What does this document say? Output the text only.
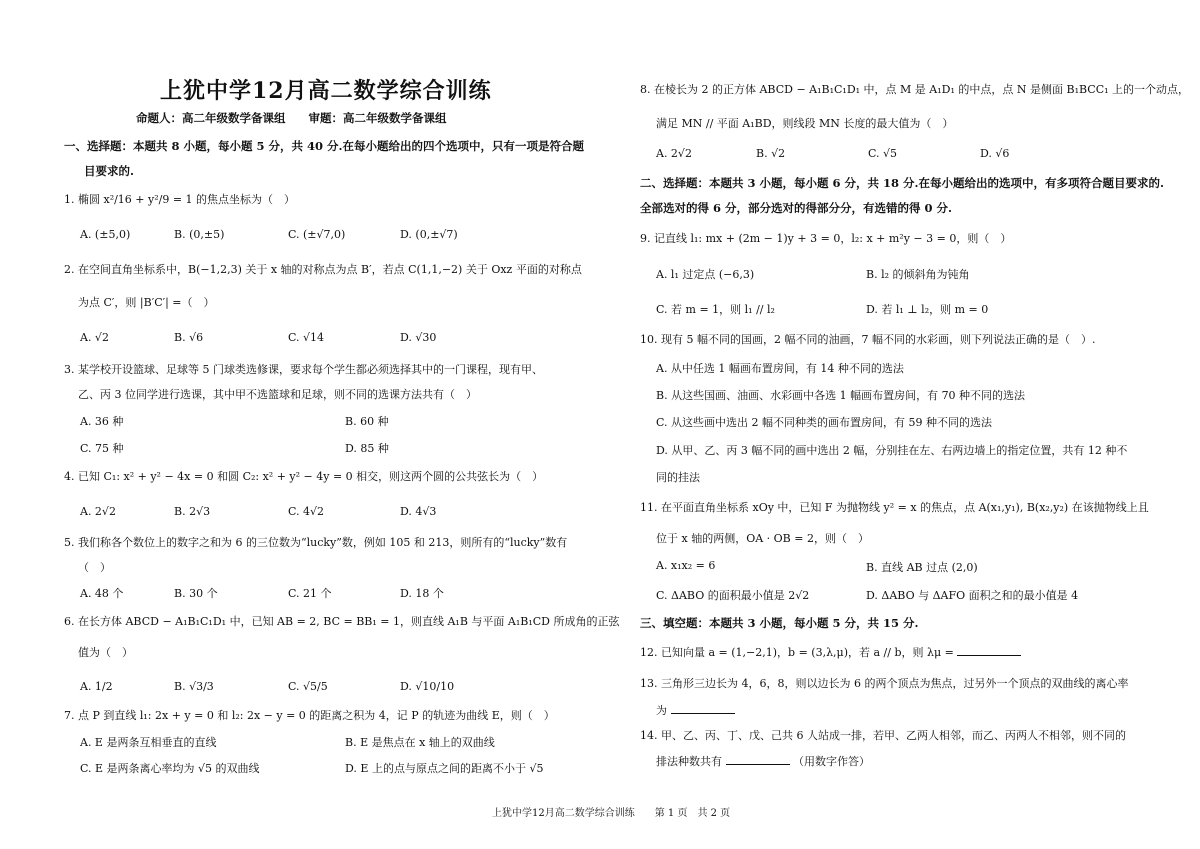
上犹中学12月高二数学综合训练
命题人：高二年级数学备课组　　审题：高二年级数学备课组
一、选择题：本题共 8 小题，每小题 5 分，共 40 分.在每小题给出的四个选项中，只有一项是符合题
目要求的.
1. 椭圆 x²/16 + y²/9 = 1 的焦点坐标为（　）
A. (±5,0)	B. (0,±5)	C. (±√7,0)	D. (0,±√7)
2. 在空间直角坐标系中，B(−1,2,3) 关于 x 轴的对称点为点 B′，若点 C(1,1,−2) 关于 Oxz 平面的对称点
为点 C′，则 |B′C′| =（　）
A. √2	B. √6	C. √14	D. √30
3. 某学校开设篮球、足球等 5 门球类选修课，要求每个学生都必须选择其中的一门课程，现有甲、
乙、丙 3 位同学进行选课，其中甲不选篮球和足球，则不同的选课方法共有（　）
A. 36 种	B. 60 种
C. 75 种	D. 85 种
4. 已知 C₁: x² + y² − 4x = 0 和圆 C₂: x² + y² − 4y = 0 相交，则这两个圆的公共弦长为（　）
A. 2√2	B. 2√3	C. 4√2	D. 4√3
5. 我们称各个数位上的数字之和为 6 的三位数为“lucky”数，例如 105 和 213，则所有的“lucky”数有
（　）
A. 48 个	B. 30 个	C. 21 个	D. 18 个
6. 在长方体 ABCD − A₁B₁C₁D₁ 中，已知 AB = 2, BC = BB₁ = 1，则直线 A₁B 与平面 A₁B₁CD 所成角的正弦
值为（　）
A. 1/2	B. √3/3	C. √5/5	D. √10/10
7. 点 P 到直线 l₁: 2x + y = 0 和 l₂: 2x − y = 0 的距离之积为 4，记 P 的轨迹为曲线 E，则（　）
A. E 是两条互相垂直的直线	B. E 是焦点在 x 轴上的双曲线
C. E 是两条离心率均为 √5 的双曲线	D. E 上的点与原点之间的距离不小于 √5
8. 在棱长为 2 的正方体 ABCD − A₁B₁C₁D₁ 中，点 M 是 A₁D₁ 的中点，点 N 是侧面 B₁BCC₁ 上的一个动点，
满足 MN // 平面 A₁BD，则线段 MN 长度的最大值为（　）
A. 2√2	B. √2	C. √5	D. √6
二、选择题：本题共 3 小题，每小题 6 分，共 18 分.在每小题给出的选项中，有多项符合题目要求的.
全部选对的得 6 分，部分选对的得部分分，有选错的得 0 分.
9. 记直线 l₁: mx + (2m − 1)y + 3 = 0，l₂: x + m²y − 3 = 0，则（　）
A. l₁ 过定点 (−6,3)	B. l₂ 的倾斜角为钝角
C. 若 m = 1，则 l₁ // l₂	D. 若 l₁ ⊥ l₂，则 m = 0
10. 现有 5 幅不同的国画，2 幅不同的油画，7 幅不同的水彩画，则下列说法正确的是（　）.
A. 从中任选 1 幅画布置房间，有 14 种不同的选法
B. 从这些国画、油画、水彩画中各选 1 幅画布置房间，有 70 种不同的选法
C. 从这些画中选出 2 幅不同种类的画布置房间，有 59 种不同的选法
D. 从甲、乙、丙 3 幅不同的画中选出 2 幅，分别挂在左、右两边墙上的指定位置，共有 12 种不
同的挂法
11. 在平面直角坐标系 xOy 中，已知 F 为抛物线 y² = x 的焦点，点 A(x₁,y₁), B(x₂,y₂) 在该抛物线上且
位于 x 轴的两侧，OA · OB = 2，则（　）
A. x₁x₂ = 6	B. 直线 AB 过点 (2,0)
C. ΔABO 的面积最小值是 2√2	D. ΔABO 与 ΔAFO 面积之和的最小值是 4
三、填空题：本题共 3 小题，每小题 5 分，共 15 分.
12. 已知向量 a = (1,−2,1)，b = (3,λ,μ)，若 a // b，则 λμ =
13. 三角形三边长为 4，6，8，则以边长为 6 的两个顶点为焦点，过另外一个顶点的双曲线的离心率
为
14. 甲、乙、丙、丁、戊、己共 6 人站成一排，若甲、乙两人相邻，而乙、丙两人不相邻，则不同的
排法种数共有	（用数字作答）
上犹中学12月高二数学综合训练　　第 1 页　共 2 页
